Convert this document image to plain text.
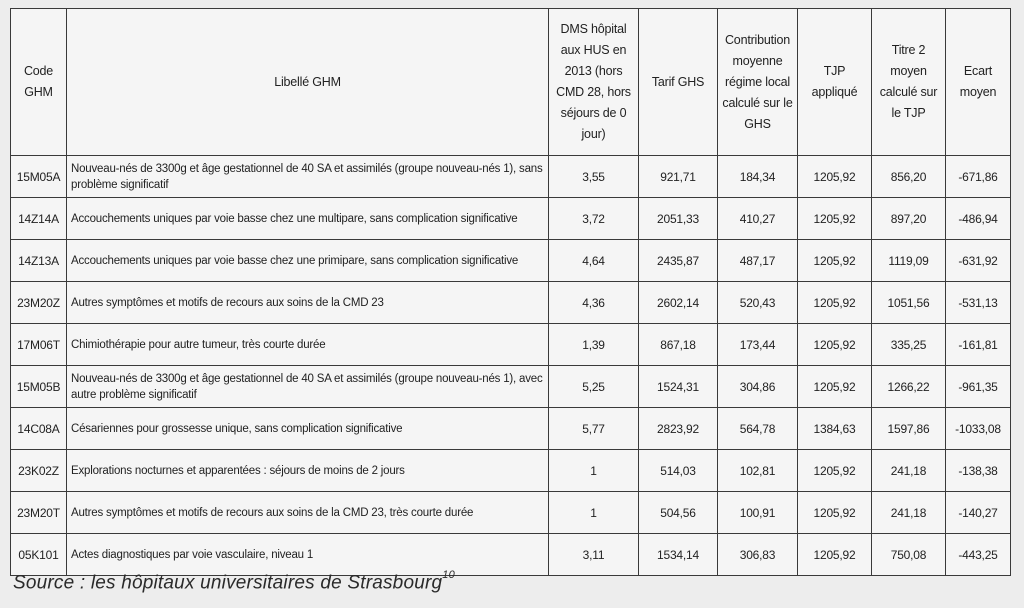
Code GHM	Libellé GHM	DMS hôpital aux HUS en 2013 (hors CMD 28, hors séjours de 0 jour)	Tarif GHS	Contribution moyenne régime local calculé sur le GHS	TJP appliqué	Titre 2 moyen calculé sur le TJP	Ecart moyen
15M05A	Nouveau-nés de 3300g et âge gestationnel de 40 SA et assimilés (groupe nouveau-nés 1), sans problème significatif	3,55	921,71	184,34	1205,92	856,20	-671,86
14Z14A	Accouchements uniques par voie basse chez une multipare, sans complication significative	3,72	2051,33	410,27	1205,92	897,20	-486,94
14Z13A	Accouchements uniques par voie basse chez une primipare, sans complication significative	4,64	2435,87	487,17	1205,92	1119,09	-631,92
23M20Z	Autres symptômes et motifs de recours aux soins de la CMD 23	4,36	2602,14	520,43	1205,92	1051,56	-531,13
17M06T	Chimiothérapie pour autre tumeur, très courte durée	1,39	867,18	173,44	1205,92	335,25	-161,81
15M05B	Nouveau-nés de 3300g et âge gestationnel de 40 SA et assimilés (groupe nouveau-nés 1), avec autre problème significatif	5,25	1524,31	304,86	1205,92	1266,22	-961,35
14C08A	Césariennes pour grossesse unique, sans complication significative	5,77	2823,92	564,78	1384,63	1597,86	-1033,08
23K02Z	Explorations nocturnes et apparentées : séjours de moins de 2 jours	1	514,03	102,81	1205,92	241,18	-138,38
23M20T	Autres symptômes et motifs de recours aux soins de la CMD 23, très courte durée	1	504,56	100,91	1205,92	241,18	-140,27
05K101	Actes diagnostiques par voie vasculaire, niveau 1	3,11	1534,14	306,83	1205,92	750,08	-443,25
Source : les hôpitaux universitaires de Strasbourg$^{10}$
